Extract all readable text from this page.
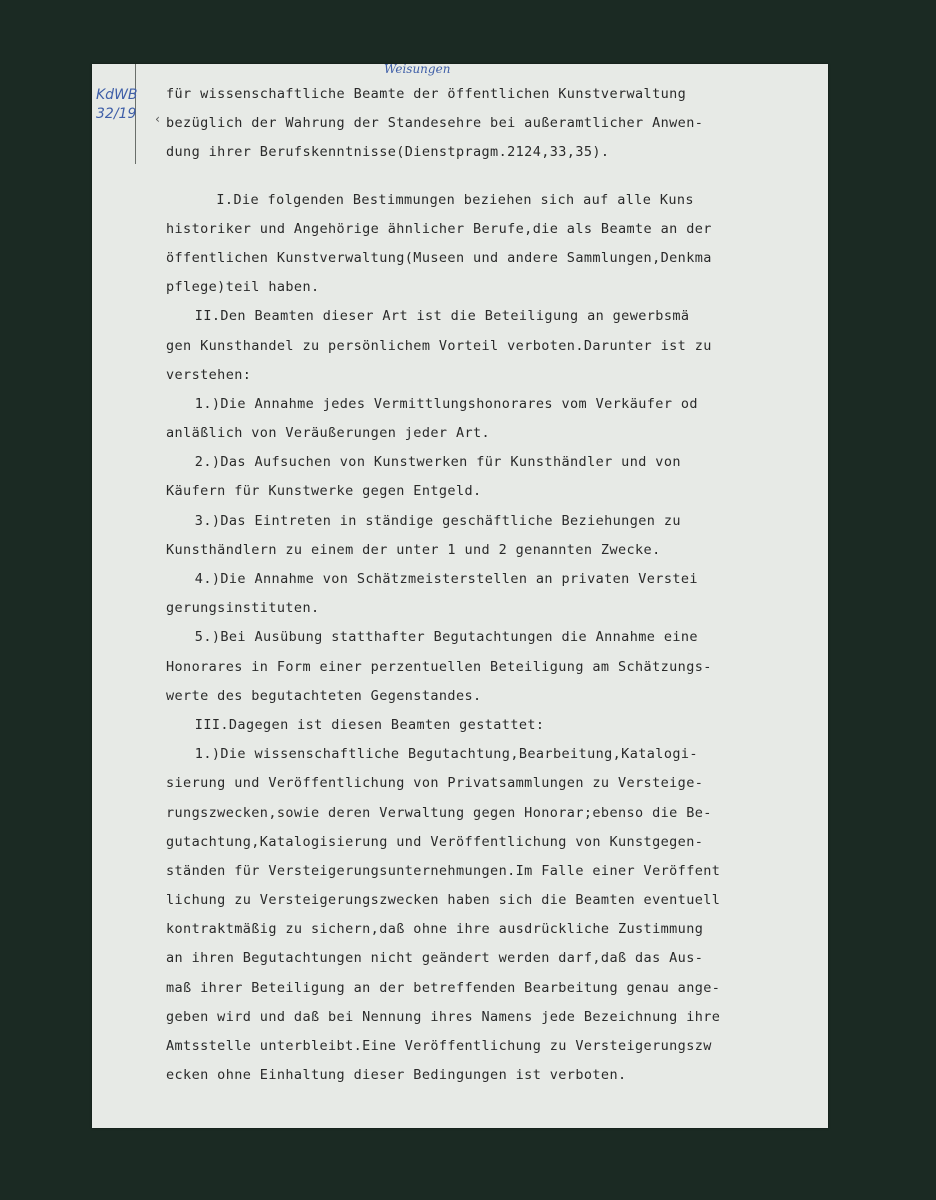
KdWB
32/19
Weisungen
‹
für wissenschaftliche Beamte der öffentlichen Kunstverwaltung
bezüglich der Wahrung der Standesehre bei außeramtlicher Anwen-
dung ihrer Berufskenntnisse(Dienstpragm.2124,33,35).
I.Die folgenden Bestimmungen beziehen sich auf alle Kuns
historiker und Angehörige ähnlicher Berufe,die als Beamte an der
öffentlichen Kunstverwaltung(Museen und andere Sammlungen,Denkma
pflege)teil haben.
II.Den Beamten dieser Art ist die Beteiligung an gewerbsmä
gen Kunsthandel zu persönlichem Vorteil verboten.Darunter ist zu
verstehen:
1.)Die Annahme jedes Vermittlungshonorares vom Verkäufer od
anläßlich von Veräußerungen jeder Art.
2.)Das Aufsuchen von Kunstwerken für Kunsthändler und von
Käufern für Kunstwerke gegen Entgeld.
3.)Das Eintreten in ständige geschäftliche Beziehungen zu
Kunsthändlern zu einem der unter 1 und 2 genannten Zwecke.
4.)Die Annahme von Schätzmeisterstellen an privaten Verstei
gerungsinstituten.
5.)Bei Ausübung statthafter Begutachtungen die Annahme eine
Honorares in Form einer perzentuellen Beteiligung am Schätzungs-
werte des begutachteten Gegenstandes.
III.Dagegen ist diesen Beamten gestattet:
1.)Die wissenschaftliche Begutachtung,Bearbeitung,Katalogi-
sierung und Veröffentlichung von Privatsammlungen zu Versteige-
rungszwecken,sowie deren Verwaltung gegen Honorar;ebenso die Be-
gutachtung,Katalogisierung und Veröffentlichung von Kunstgegen-
ständen für Versteigerungsunternehmungen.Im Falle einer Veröffent
lichung zu Versteigerungszwecken haben sich die Beamten eventuell
kontraktmäßig zu sichern,daß ohne ihre ausdrückliche Zustimmung
an ihren Begutachtungen nicht geändert werden darf,daß das Aus-
maß ihrer Beteiligung an der betreffenden Bearbeitung genau ange-
geben wird und daß bei Nennung ihres Namens jede Bezeichnung ihre
Amtsstelle unterbleibt.Eine Veröffentlichung zu Versteigerungszw
ecken ohne Einhaltung dieser Bedingungen ist verboten.
